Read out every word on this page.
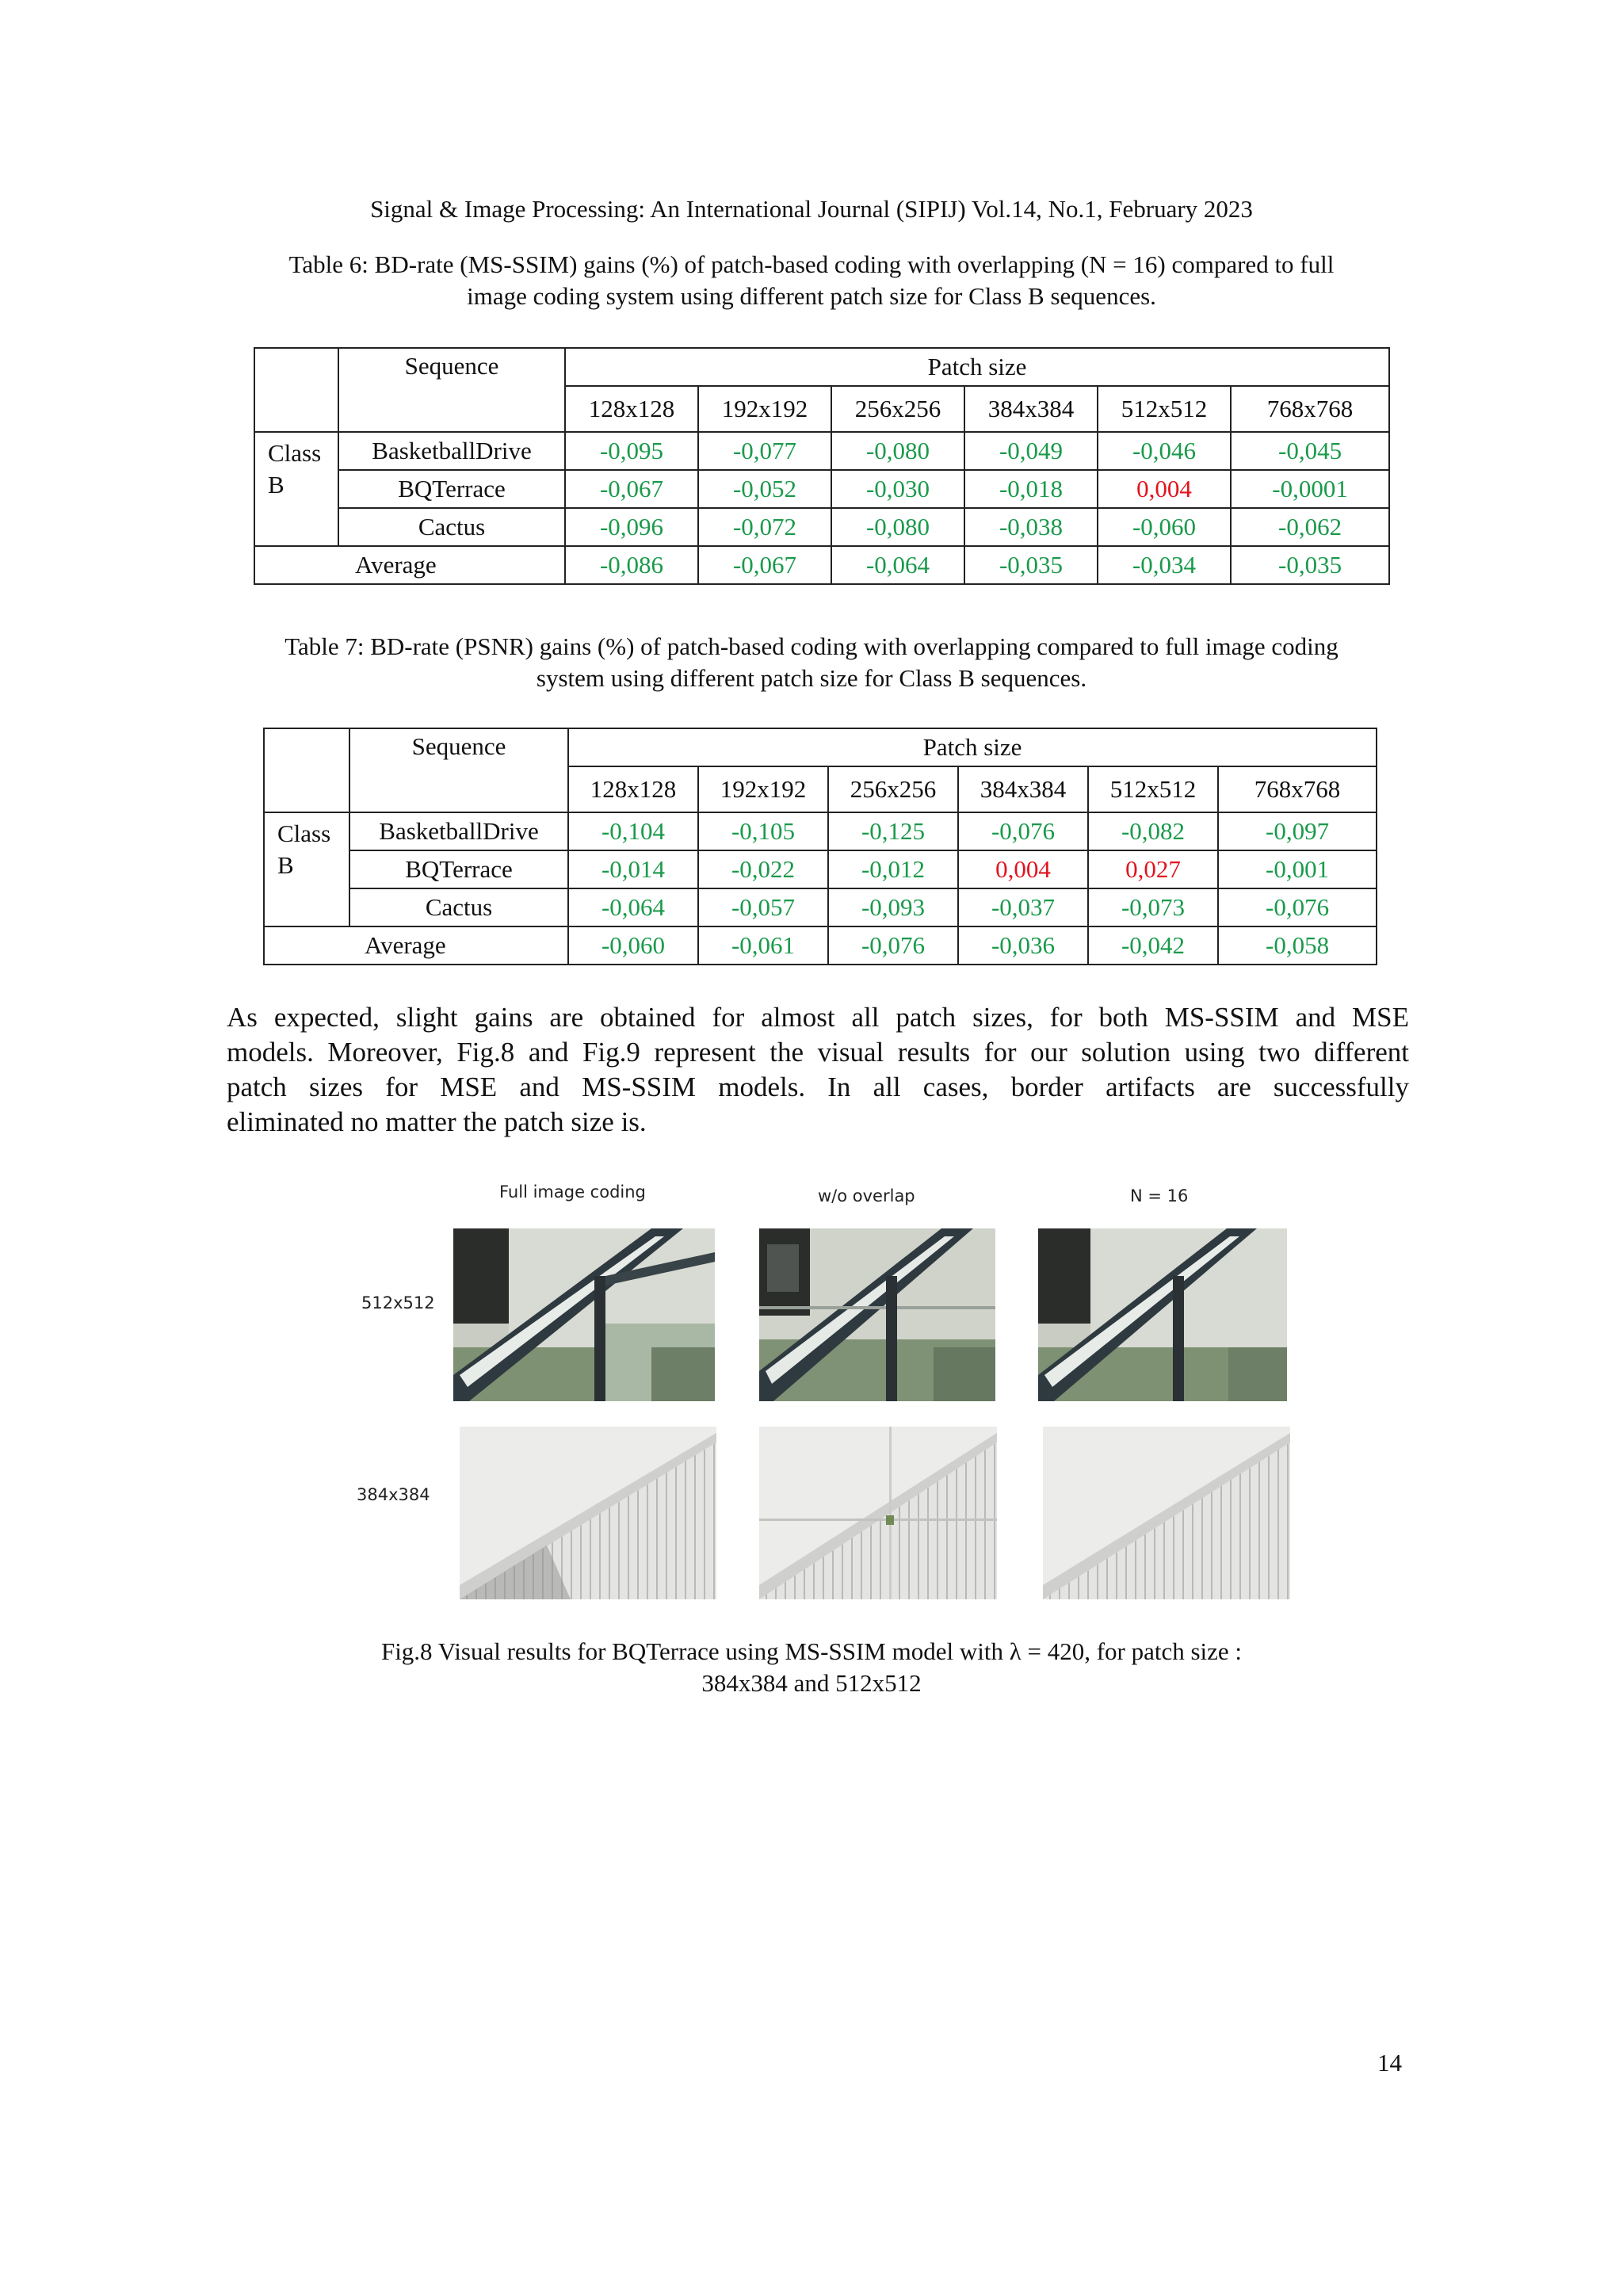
Signal & Image Processing: An International Journal (SIPIJ) Vol.14, No.1, February 2023
Table 6: BD-rate (MS-SSIM) gains (%) of patch-based coding with overlapping (N = 16) compared to full
image coding system using different patch size for Class B sequences.
	Sequence	Patch size					
		128x128	192x192	256x256	384x384	512x512	768x768
Class
B	BasketballDrive	-0,095	-0,077	-0,080	-0,049	-0,046	-0,045
	BQTerrace	-0,067	-0,052	-0,030	-0,018	0,004	-0,0001
	Cactus	-0,096	-0,072	-0,080	-0,038	-0,060	-0,062
Average		-0,086	-0,067	-0,064	-0,035	-0,034	-0,035
Table 7: BD-rate (PSNR) gains (%) of patch-based coding with overlapping compared to full image coding
system using different patch size for Class B sequences.
	Sequence	Patch size					
		128x128	192x192	256x256	384x384	512x512	768x768
Class
B	BasketballDrive	-0,104	-0,105	-0,125	-0,076	-0,082	-0,097
	BQTerrace	-0,014	-0,022	-0,012	0,004	0,027	-0,001
	Cactus	-0,064	-0,057	-0,093	-0,037	-0,073	-0,076
Average		-0,060	-0,061	-0,076	-0,036	-0,042	-0,058
As expected, slight gains are obtained for almost all patch sizes, for both MS-SSIM and MSE
models. Moreover, Fig.8 and Fig.9 represent the visual results for our solution using two different
patch sizes for MSE and MS-SSIM models. In all cases, border artifacts are successfully
eliminated no matter the patch size is.
Full image coding	w/o overlap	N = 16
512x512
384x384
Fig.8 Visual results for BQTerrace using MS-SSIM model with λ = 420, for patch size :
384x384 and 512x512
14
